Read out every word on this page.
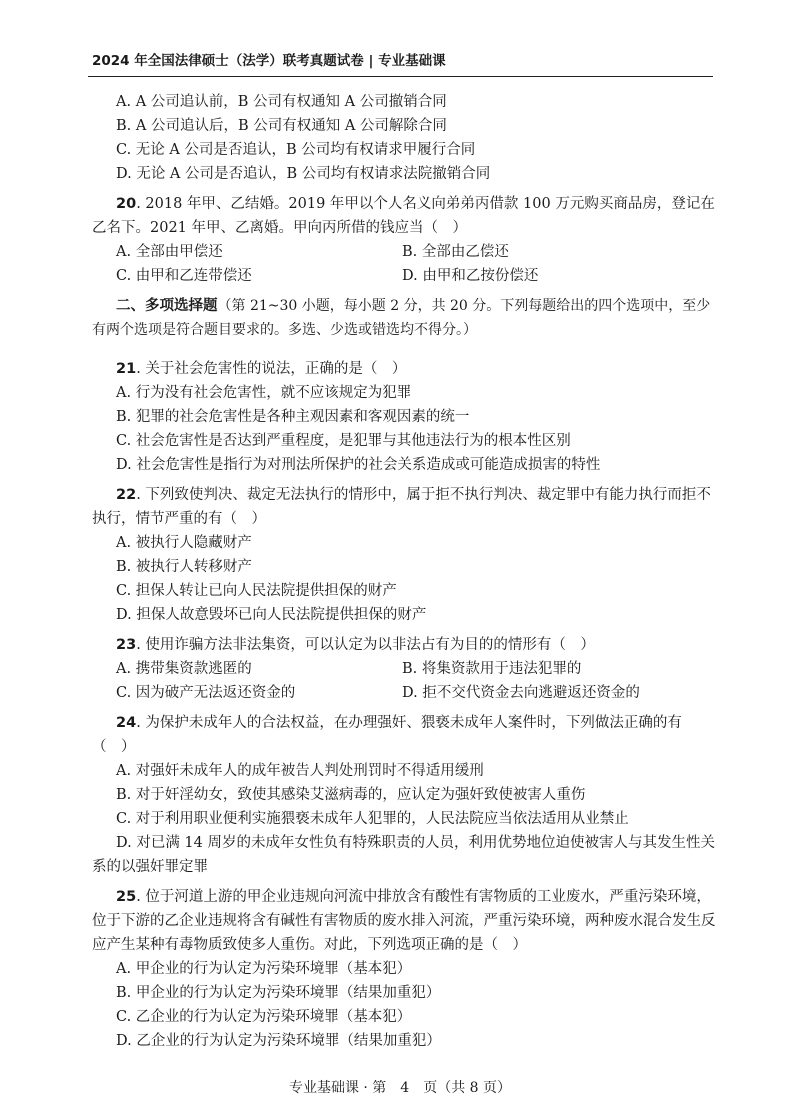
2024 年全国法律硕士（法学）联考真题试卷 | 专业基础课

A. A 公司追认前，B 公司有权通知 A 公司撤销合同

B. A 公司追认后，B 公司有权通知 A 公司解除合同

C. 无论 A 公司是否追认，B 公司均有权请求甲履行合同

D. 无论 A 公司是否追认，B 公司均有权请求法院撤销合同

20. 2018 年甲、乙结婚。2019 年甲以个人名义向弟弟丙借款 100 万元购买商品房，登记在乙名下。2021 年甲、乙离婚。甲向丙所借的钱应当（　）

A. 全部由甲偿还	B. 全部由乙偿还
C. 由甲和乙连带偿还	D. 由甲和乙按份偿还

二、多项选择题（第 21~30 小题，每小题 2 分，共 20 分。下列每题给出的四个选项中，至少有两个选项是符合题目要求的。多选、少选或错选均不得分。）

21. 关于社会危害性的说法，正确的是（　）

A. 行为没有社会危害性，就不应该规定为犯罪

B. 犯罪的社会危害性是各种主观因素和客观因素的统一

C. 社会危害性是否达到严重程度，是犯罪与其他违法行为的根本性区别

D. 社会危害性是指行为对刑法所保护的社会关系造成或可能造成损害的特性

22. 下列致使判决、裁定无法执行的情形中，属于拒不执行判决、裁定罪中有能力执行而拒不执行，情节严重的有（　）

A. 被执行人隐藏财产

B. 被执行人转移财产

C. 担保人转让已向人民法院提供担保的财产

D. 担保人故意毁坏已向人民法院提供担保的财产

23. 使用诈骗方法非法集资，可以认定为以非法占有为目的的情形有（　）

A. 携带集资款逃匿的	B. 将集资款用于违法犯罪的
C. 因为破产无法返还资金的	D. 拒不交代资金去向逃避返还资金的

24. 为保护未成年人的合法权益，在办理强奸、猥亵未成年人案件时，下列做法正确的有（　）

A. 对强奸未成年人的成年被告人判处刑罚时不得适用缓刑

B. 对于奸淫幼女，致使其感染艾滋病毒的，应认定为强奸致使被害人重伤

C. 对于利用职业便利实施猥亵未成年人犯罪的，人民法院应当依法适用从业禁止

D. 对已满 14 周岁的未成年女性负有特殊职责的人员，利用优势地位迫使被害人与其发生性关系的以强奸罪定罪

25. 位于河道上游的甲企业违规向河流中排放含有酸性有害物质的工业废水，严重污染环境，位于下游的乙企业违规将含有碱性有害物质的废水排入河流，严重污染环境，两种废水混合发生反应产生某种有毒物质致使多人重伤。对此，下列选项正确的是（　）

A. 甲企业的行为认定为污染环境罪（基本犯）

B. 甲企业的行为认定为污染环境罪（结果加重犯）

C. 乙企业的行为认定为污染环境罪（基本犯）

D. 乙企业的行为认定为污染环境罪（结果加重犯）

专业基础课 · 第　4　页（共 8 页）
